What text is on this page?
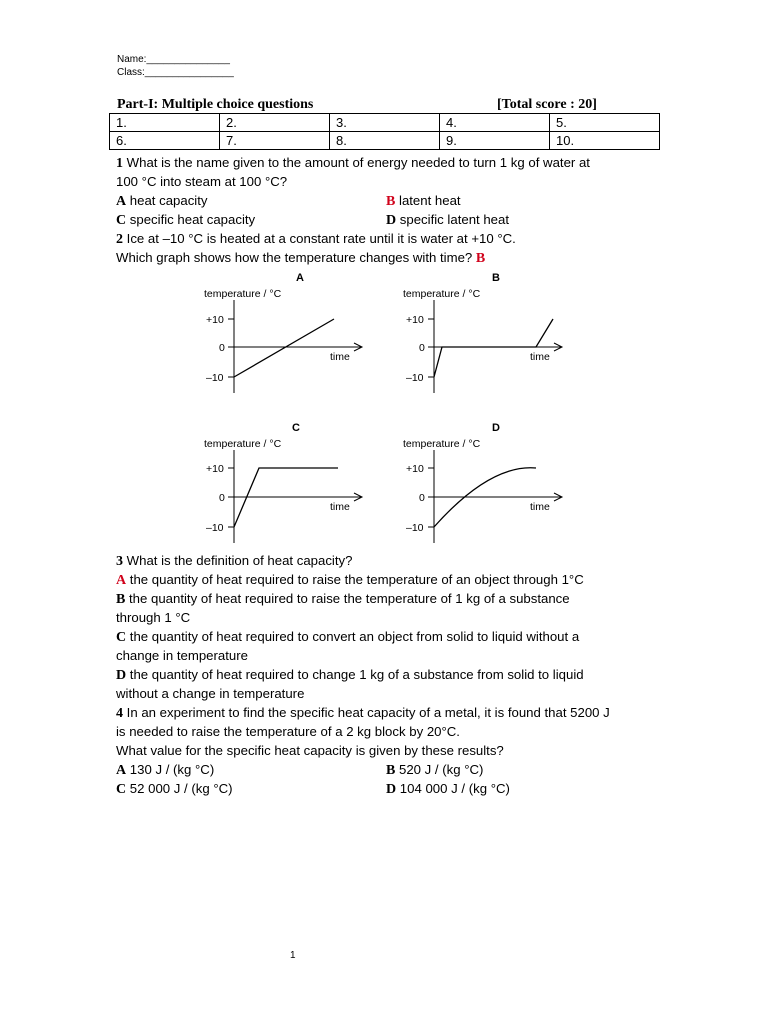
Name:_______________
Class:________________
Part-I: Multiple choice questions	[Total score : 20]
1.	2.	3.	4.	5.
6.	7.	8.	9.	10.
1 What is the name given to the amount of energy needed to turn 1 kg of water at
100 °C into steam at 100 °C?
A heat capacity	B latent heat
C specific heat capacity	D specific latent heat
2 Ice at –10 °C is heated at a constant rate until it is water at +10 °C.
Which graph shows how the temperature changes with time? B
A
temperature / °C
+10
0
–10
time
B
temperature / °C
+10
0
–10
time
C
temperature / °C
+10
0
–10
time
D
temperature / °C
+10
0
–10
time
3 What is the definition of heat capacity?
A the quantity of heat required to raise the temperature of an object through 1°C
B the quantity of heat required to raise the temperature of 1 kg of a substance
through 1 °C
C the quantity of heat required to convert an object from solid to liquid without a
change in temperature
D the quantity of heat required to change 1 kg of a substance from solid to liquid
without a change in temperature
4 In an experiment to find the specific heat capacity of a metal, it is found that 5200 J
is needed to raise the temperature of a 2 kg block by 20°C.
What value for the specific heat capacity is given by these results?
A 130 J / (kg °C)	B 520 J / (kg °C)
C 52 000 J / (kg °C)	D 104 000 J / (kg °C)
1
